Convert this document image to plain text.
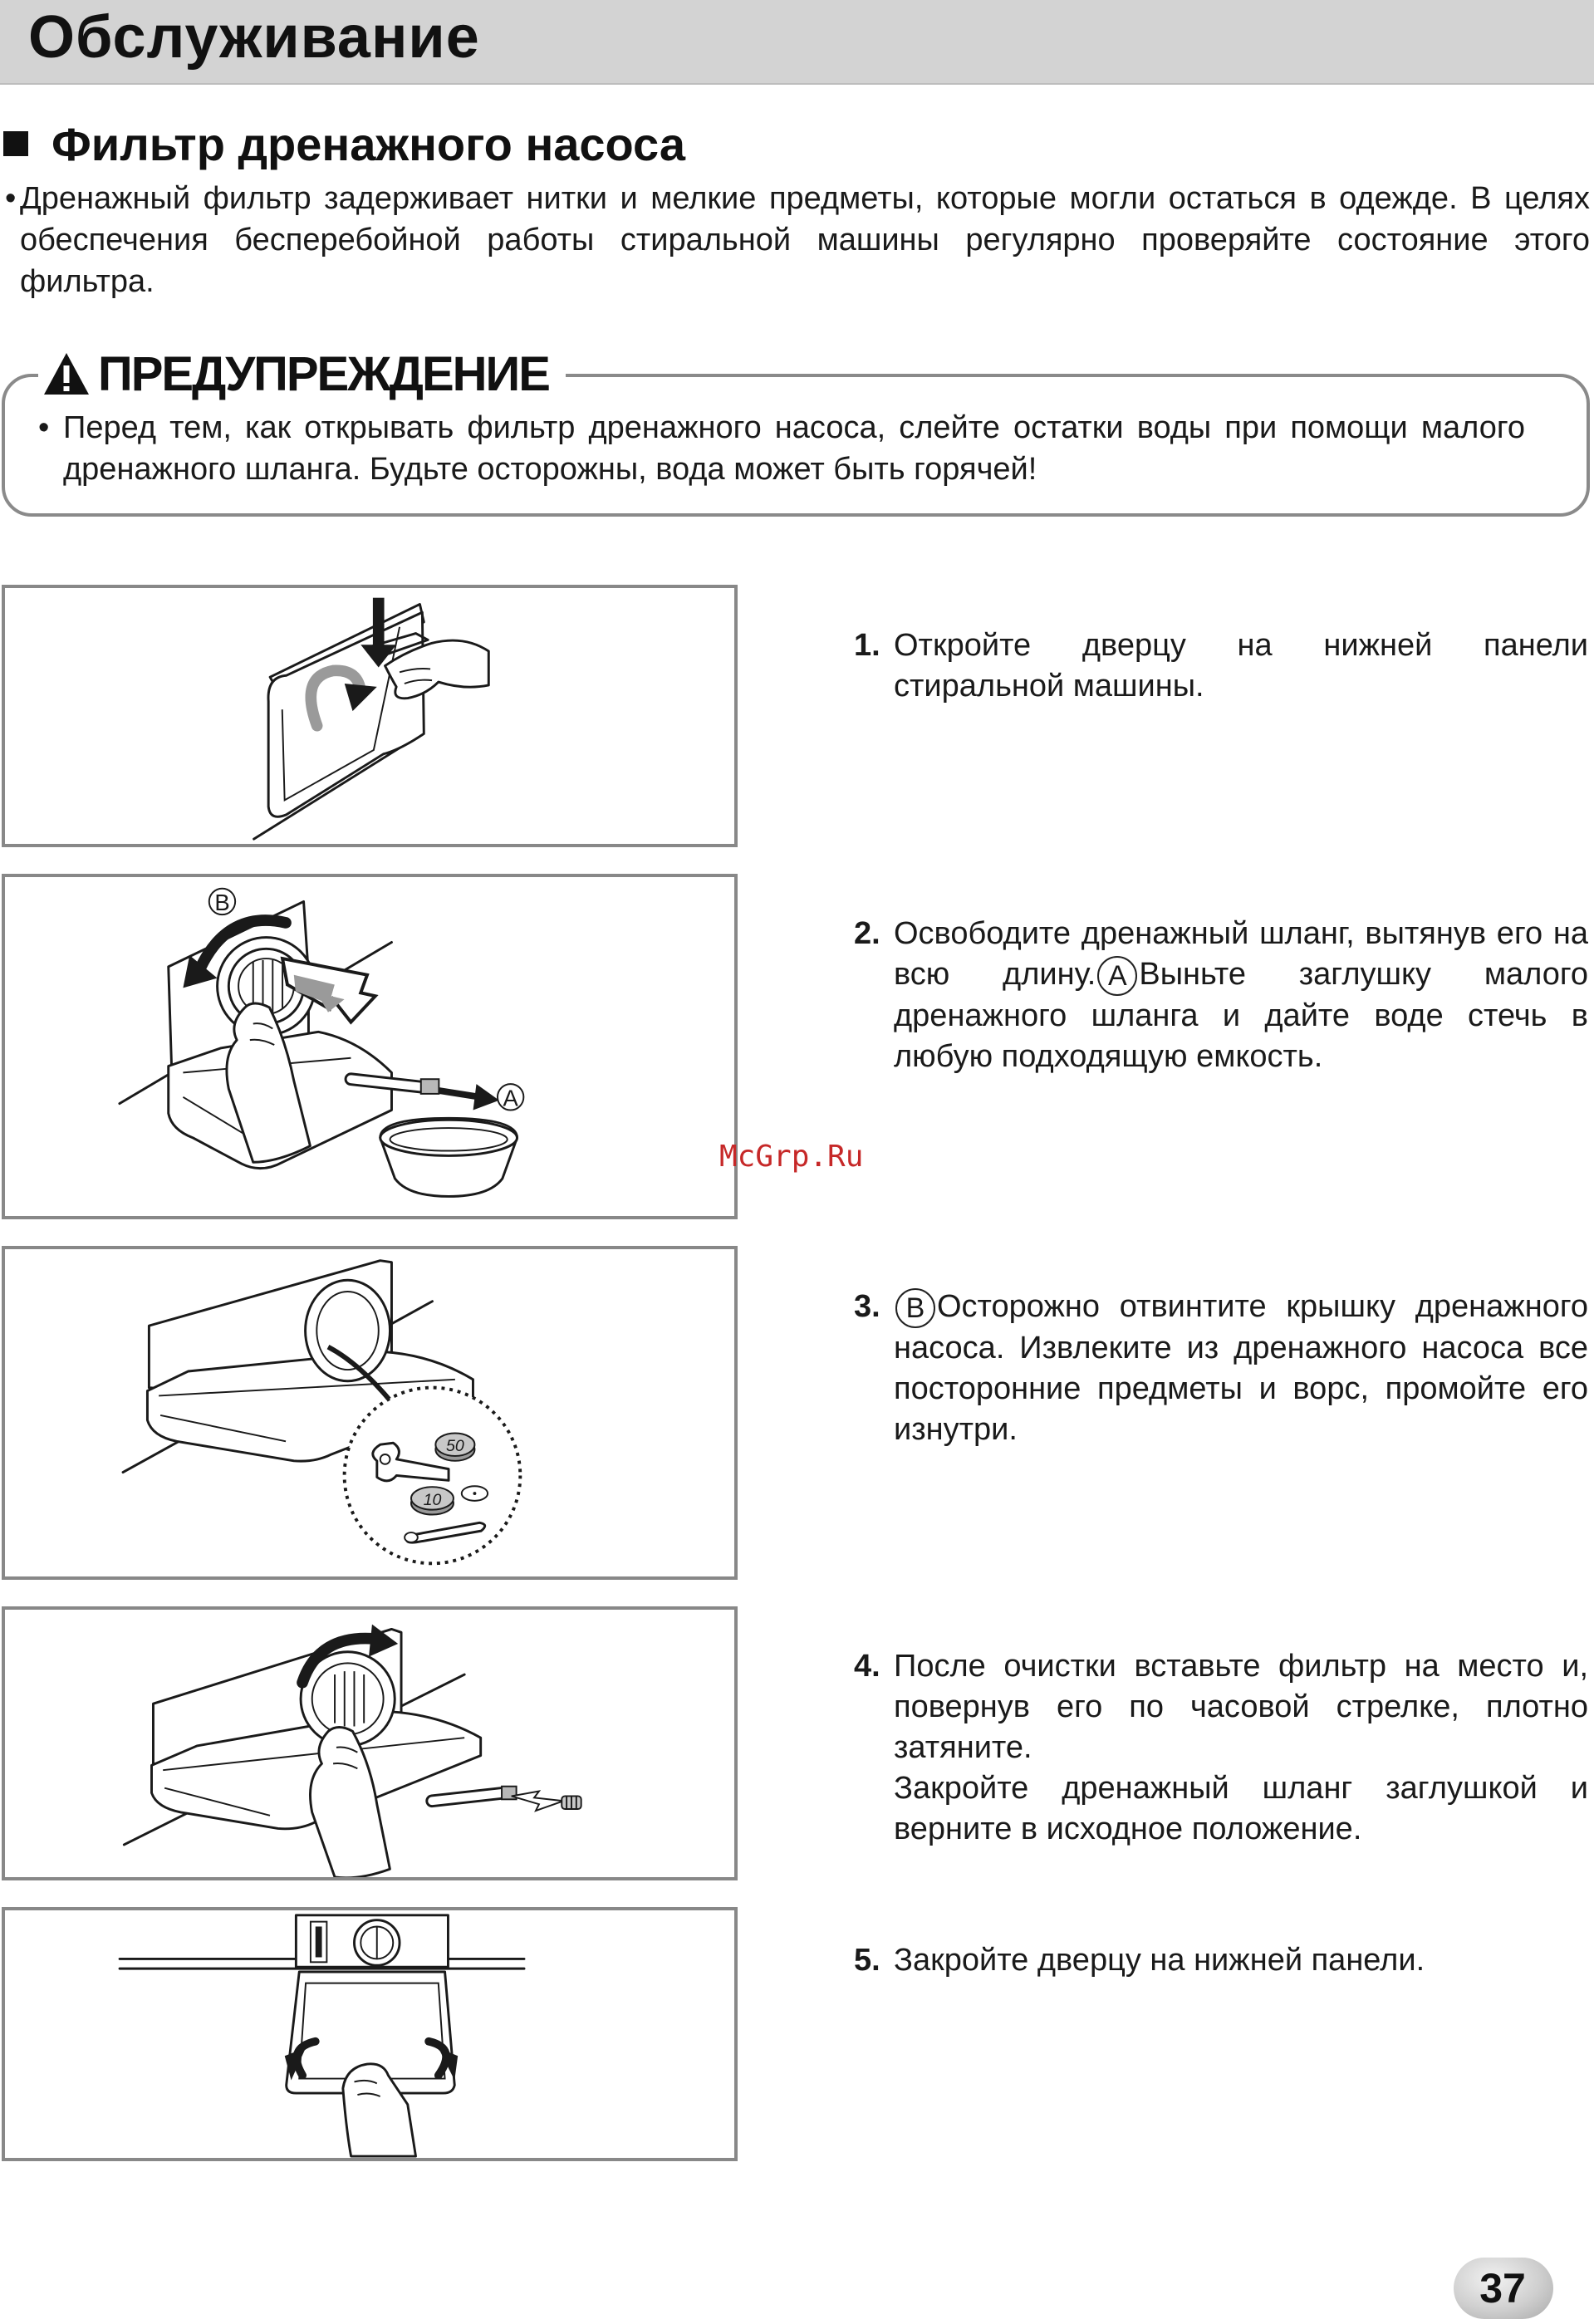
Обслуживание
Фильтр дренажного насоса
• Дренажный фильтр задерживает нитки и мелкие предметы, которые могли остаться в одежде. В целях обеспечения бесперебойной работы стиральной машины регулярно проверяйте состояние этого фильтра.

ПРЕДУПРЕЖДЕНИЕ
• Перед тем, как открывать фильтр дренажного насоса, слейте остатки воды при помощи малого дренажного шланга. Будьте осторожны, вода может быть горячей!

1. Откройте дверцу на нижней панели стиральной машины.

B
A
2. Освободите дренажный шланг, вытянув его на всю длину. A Выньте заглушку малого дренажного шланга и дайте воде стечь в любую подходящую емкость.

50
10
3. B Осторожно отвинтите крышку дренажного насоса. Извлеките из дренажного насоса все посторонние предметы и ворс, промойте его изнутри.

4. После очистки вставьте фильтр на место и, повернув его по часовой стрелке, плотно затяните.

Закройте дренажный шланг заглушкой и верните в исходное положение.

5. Закройте дверцу на нижней панели.

McGrp.Ru
37
